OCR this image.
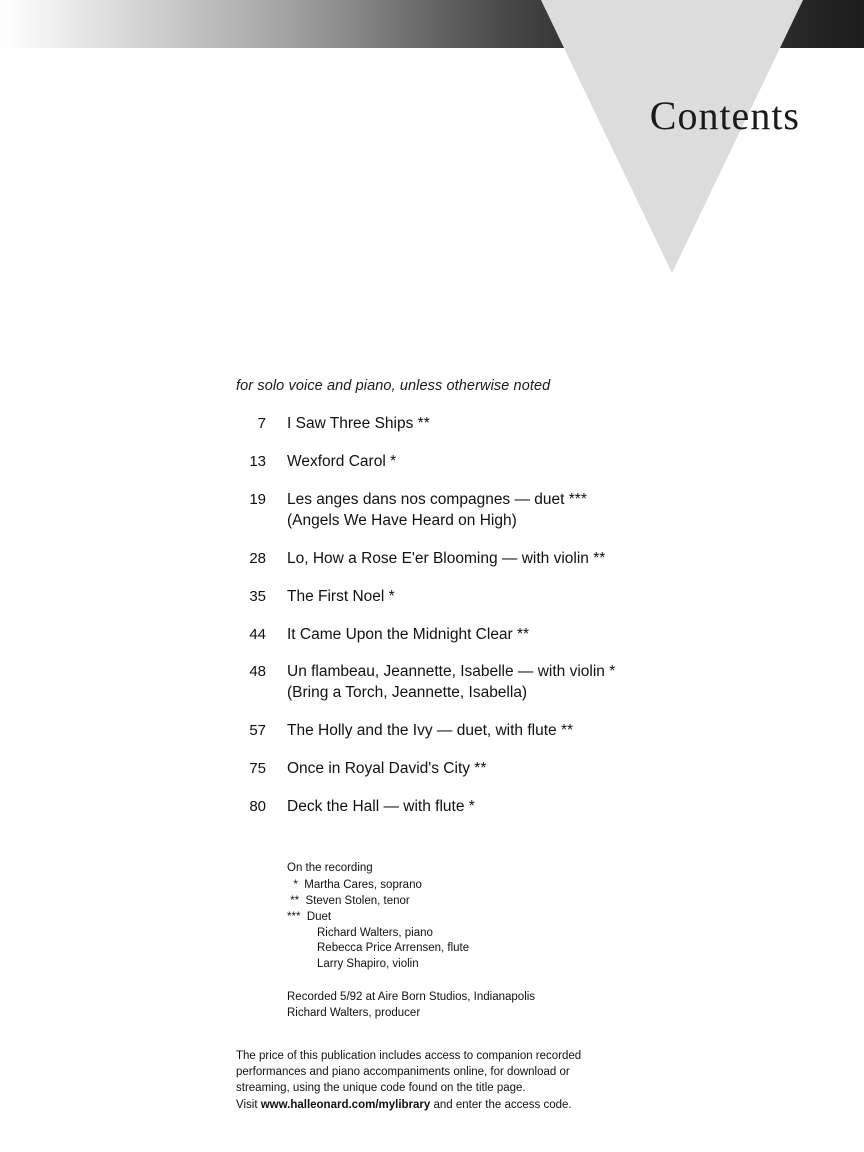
Contents
for solo voice and piano, unless otherwise noted
7	I Saw Three Ships **
13	Wexford Carol *
19	Les anges dans nos compagnes — duet ***
(Angels We Have Heard on High)
28	Lo, How a Rose E'er Blooming — with violin **
35	The First Noel *
44	It Came Upon the Midnight Clear **
48	Un flambeau, Jeannette, Isabelle — with violin *
(Bring a Torch, Jeannette, Isabella)
57	The Holly and the Ivy — duet, with flute **
75	Once in Royal David's City **
80	Deck the Hall — with flute *
On the recording
*  Martha Cares, soprano
**  Steven Stolen, tenor
***  Duet
Richard Walters, piano
Rebecca Price Arrensen, flute
Larry Shapiro, violin
Recorded 5/92 at Aire Born Studios, Indianapolis
Richard Walters, producer
The price of this publication includes access to companion recorded
performances and piano accompaniments online, for download or
streaming, using the unique code found on the title page.
Visit www.halleonard.com/mylibrary and enter the access code.
